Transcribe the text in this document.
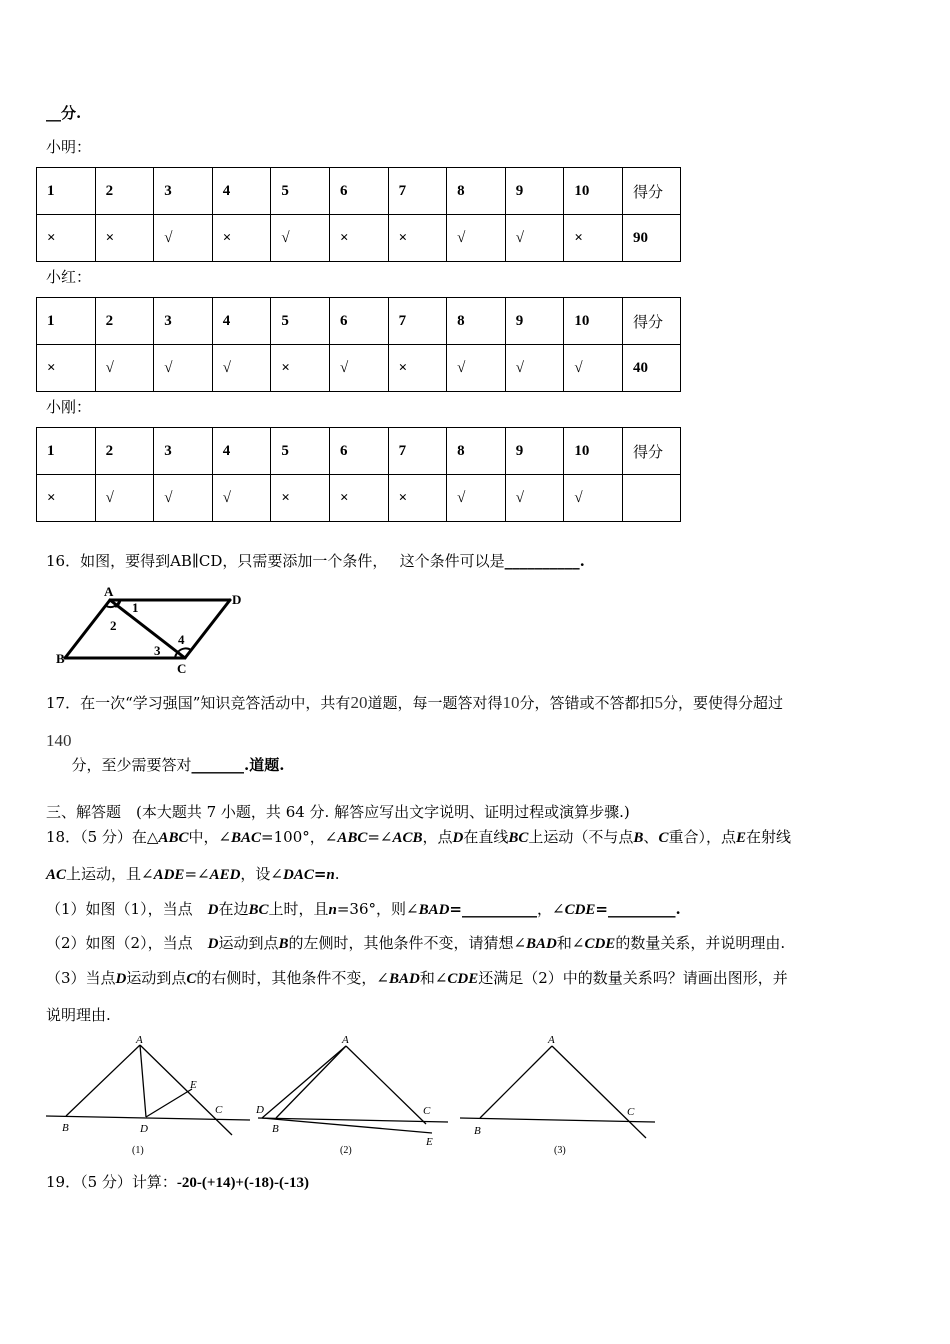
__分.
小明：
1	2	3	4	5	6	7	8	9	10	得分
×	×	√	×	√	×	×	√	√	×	90
小红：
1	2	3	4	5	6	7	8	9	10	得分
×	√	√	√	×	√	×	√	√	√	40
小刚：
1	2	3	4	5	6	7	8	9	10	得分
×	√	√	√	×	×	×	√	√	√	
16．如图，要得到AB∥CD，只需要添加一个条件，　 这个条件可以是__________.
A
D
B
C
1
2
3
4
17．在一次“学习强国”知识竞答活动中，共有20道题，每一题答对得10分，答错或不答都扣5分，要使得分超过
140分，至少需要答对_______.道题.
三、解答题　(本大题共 7 小题，共 64 分. 解答应写出文字说明、证明过程或演算步骤.)
18．（5 分）在△ABC中，∠BAC=100°，∠ABC=∠ACB，点D在直线BC上运动（不与点B、C重合），点E在射线
AC上运动，且∠ADE=∠AED，设∠DAC=n.
（1）如图（1），当点　D在边BC上时，且n=36°，则∠BAD=__________，∠CDE=_________.
（2）如图（2），当点　D运动到点B的左侧时，其他条件不变，请猜想∠BAD和∠CDE的数量关系，并说明理由.
（3）当点D运动到点C的右侧时，其他条件不变，∠BAD和∠CDE还满足（2）中的数量关系吗？请画出图形，并
说明理由.
A
E
C
B	D
(1)
A
D	C
B
E
(2)
A
C
B
(3)
19．（5 分）计算：-20-(+14)+(-18)-(-13)
